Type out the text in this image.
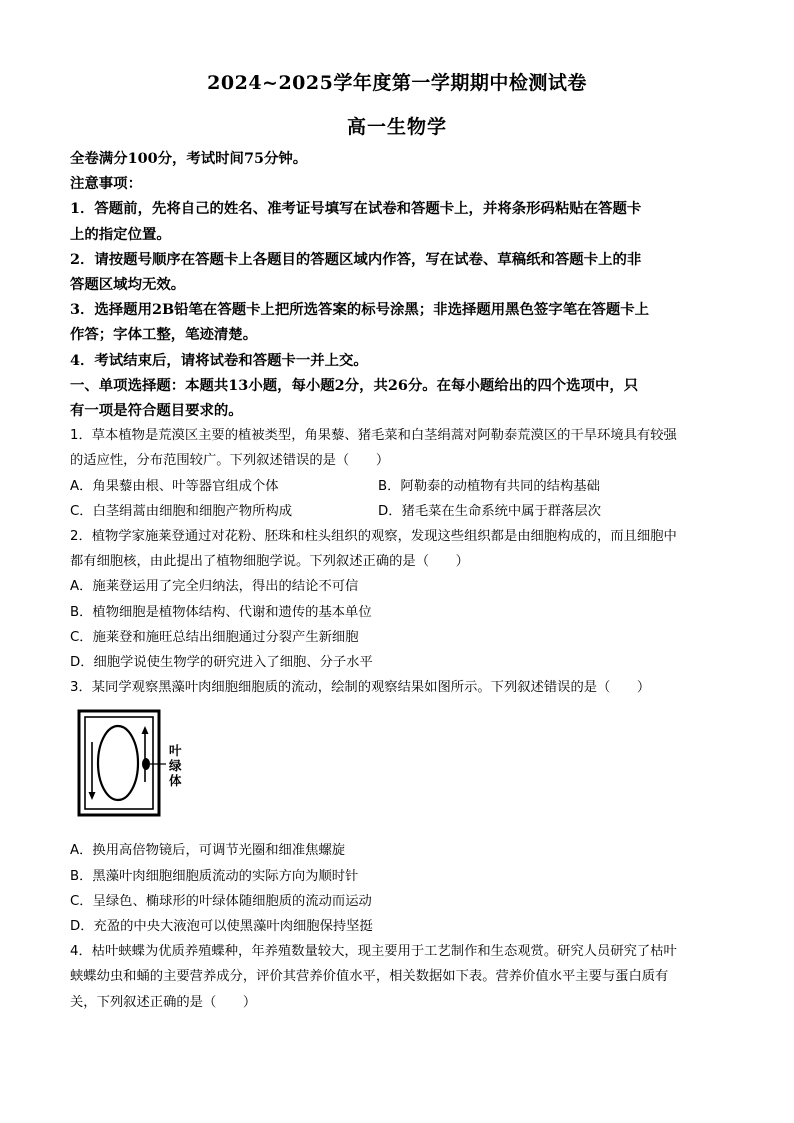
2024~2025学年度第一学期期中检测试卷
高一生物学
全卷满分100分，考试时间75分钟。
注意事项：
1．答题前，先将自己的姓名、准考证号填写在试卷和答题卡上，并将条形码粘贴在答题卡
上的指定位置。
2．请按题号顺序在答题卡上各题目的答题区域内作答，写在试卷、草稿纸和答题卡上的非
答题区域均无效。
3．选择题用2B铅笔在答题卡上把所选答案的标号涂黑；非选择题用黑色签字笔在答题卡上
作答；字体工整，笔迹清楚。
4．考试结束后，请将试卷和答题卡一并上交。
一、单项选择题：本题共13小题，每小题2分，共26分。在每小题给出的四个选项中，只
有一项是符合题目要求的。
1．草本植物是荒漠区主要的植被类型，角果藜、猪毛菜和白茎绢蒿对阿勒泰荒漠区的干旱环境具有较强
的适应性，分布范围较广。下列叙述错误的是（　　）
A．角果藜由根、叶等器官组成个体	B．阿勒泰的动植物有共同的结构基础
C．白茎绢蒿由细胞和细胞产物所构成	D．猪毛菜在生命系统中属于群落层次
2．植物学家施莱登通过对花粉、胚珠和柱头组织的观察，发现这些组织都是由细胞构成的，而且细胞中
都有细胞核，由此提出了植物细胞学说。下列叙述正确的是（　　）
A．施莱登运用了完全归纳法，得出的结论不可信
B．植物细胞是植物体结构、代谢和遗传的基本单位
C．施莱登和施旺总结出细胞通过分裂产生新细胞
D．细胞学说使生物学的研究进入了细胞、分子水平
3．某同学观察黑藻叶肉细胞细胞质的流动，绘制的观察结果如图所示。下列叙述错误的是（　　）
叶绿体
A．换用高倍物镜后，可调节光圈和细准焦螺旋
B．黑藻叶肉细胞细胞质流动的实际方向为顺时针
C．呈绿色、椭球形的叶绿体随细胞质的流动而运动
D．充盈的中央大液泡可以使黑藻叶肉细胞保持坚挺
4．枯叶蛱蝶为优质养殖蝶种，年养殖数量较大，现主要用于工艺制作和生态观赏。研究人员研究了枯叶
蛱蝶幼虫和蛹的主要营养成分，评价其营养价值水平，相关数据如下表。营养价值水平主要与蛋白质有
关，下列叙述正确的是（　　）
